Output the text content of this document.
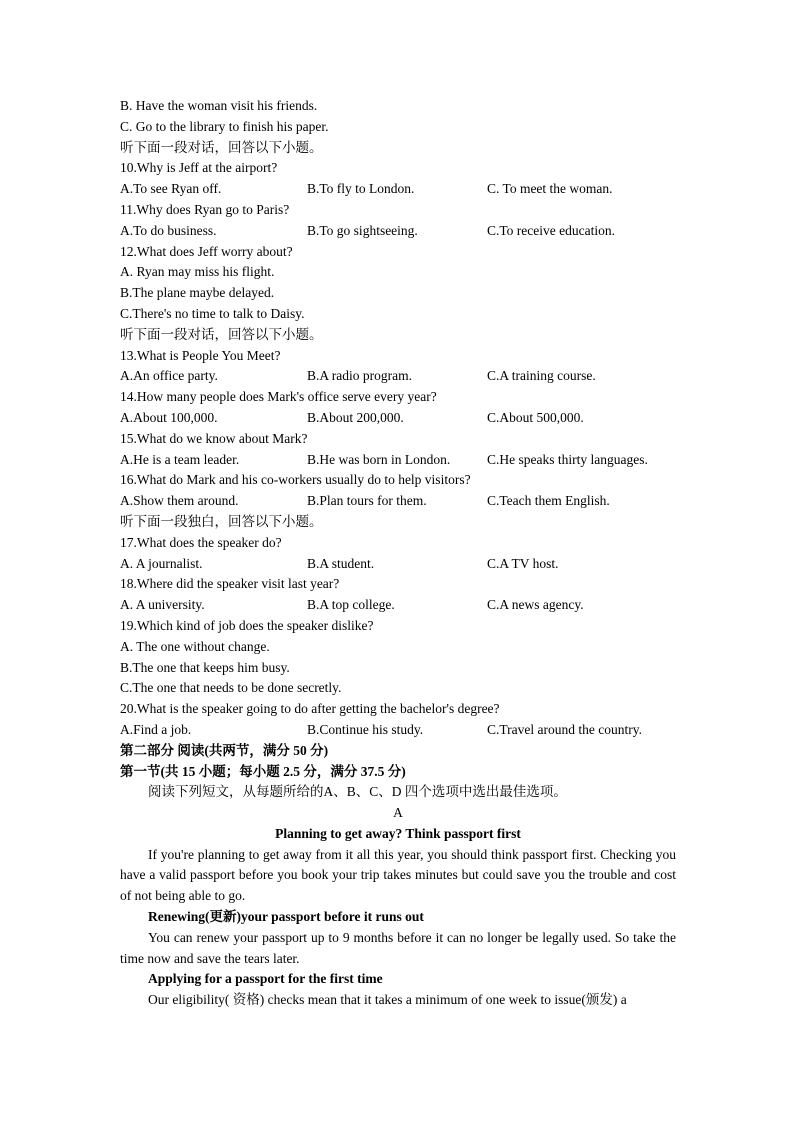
B. Have the woman visit his friends.
C. Go to the library to finish his paper.
听下面一段对话，回答以下小题。
10.Why is Jeff at the airport?
A.To see Ryan off.	B.To fly to London.	C. To meet the woman.
11.Why does Ryan go to Paris?
A.To do business.	B.To go sightseeing.	C.To receive education.
12.What does Jeff worry about?
A. Ryan may miss his flight.
B.The plane maybe delayed.
C.There's no time to talk to Daisy.
听下面一段对话，回答以下小题。
13.What is People You Meet?
A.An office party.	B.A radio program.	C.A training course.
14.How many people does Mark's office serve every year?
A.About 100,000.	B.About 200,000.	C.About 500,000.
15.What do we know about Mark?
A.He is a team leader.	B.He was born in London.	C.He speaks thirty languages.
16.What do Mark and his co-workers usually do to help visitors?
A.Show them around.	B.Plan tours for them.	C.Teach them English.
听下面一段独白，回答以下小题。
17.What does the speaker do?
A. A journalist.	B.A student.	C.A TV host.
18.Where did the speaker visit last year?
A. A university.	B.A top college.	C.A news agency.
19.Which kind of job does the speaker dislike?
A. The one without change.
B.The one that keeps him busy.
C.The one that needs to be done secretly.
20.What is the speaker going to do after getting the bachelor's degree?
A.Find a job.	B.Continue his study.	C.Travel around the country.
第二部分 阅读(共两节，满分 50 分)
第一节(共 15 小题；每小题 2.5 分，满分 37.5 分)
阅读下列短文，从每题所给的A、B、C、D 四个选项中选出最佳选项。
A
Planning to get away? Think passport first
If you're planning to get away from it all this year, you should think passport first. Checking you have a valid passport before you book your trip takes minutes but could save you the trouble and cost of not being able to go.
Renewing(更新)your passport before it runs out
You can renew your passport up to 9 months before it can no longer be legally used. So take the time now and save the tears later.
Applying for a passport for the first time
Our eligibility( 资格) checks mean that it takes a minimum of one week to issue(颁发) a
